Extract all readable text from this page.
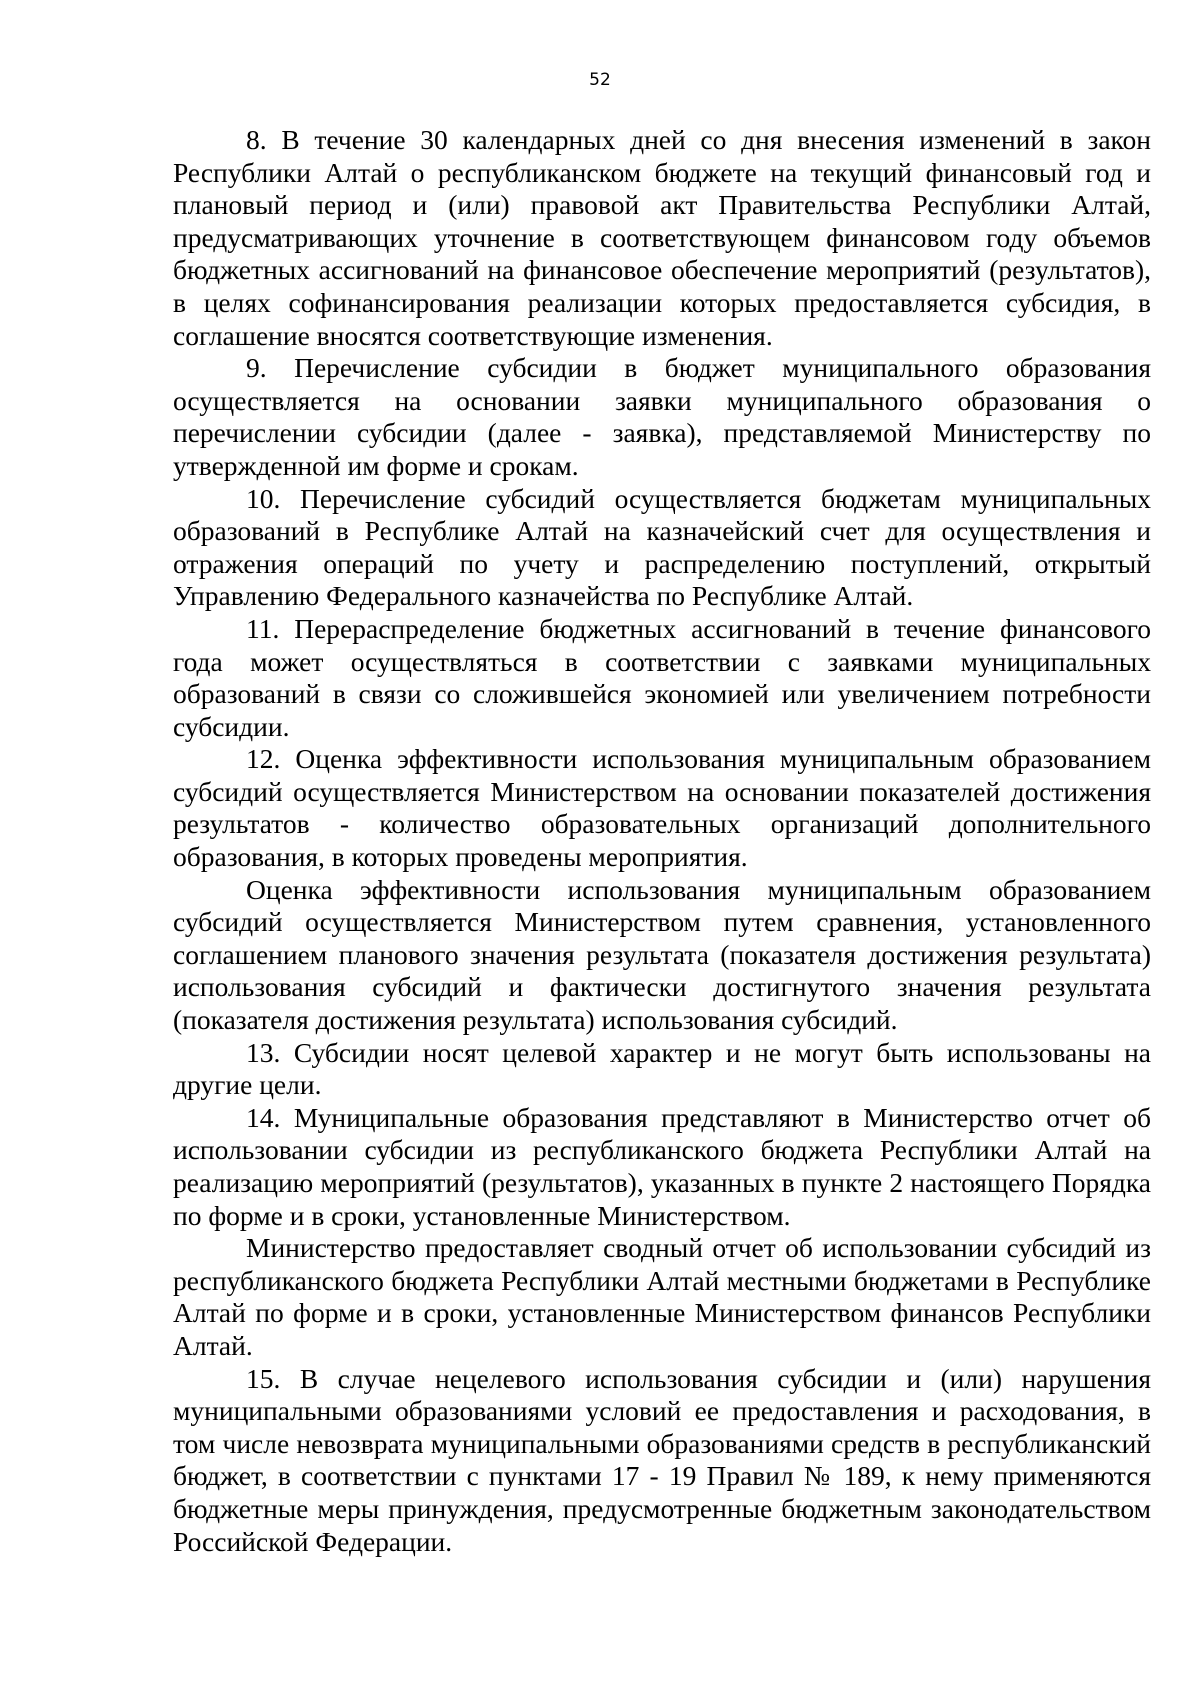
52

8. В течение 30 календарных дней со дня внесения изменений в закон Республики Алтай о республиканском бюджете на текущий финансовый год и плановый период и (или) правовой акт Правительства Республики Алтай, предусматривающих уточнение в соответствующем финансовом году объемов бюджетных ассигнований на финансовое обеспечение мероприятий (результатов), в целях софинансирования реализации которых предоставляется субсидия, в соглашение вносятся соответствующие изменения.

9. Перечисление субсидии в бюджет муниципального образования осуществляется на основании заявки муниципального образования о перечислении субсидии (далее - заявка), представляемой Министерству по утвержденной им форме и срокам.

10. Перечисление субсидий осуществляется бюджетам муниципальных образований в Республике Алтай на казначейский счет для осуществления и отражения операций по учету и распределению поступлений, открытый Управлению Федерального казначейства по Республике Алтай.

11. Перераспределение бюджетных ассигнований в течение финансового года может осуществляться в соответствии с заявками муниципальных образований в связи со сложившейся экономией или увеличением потребности субсидии.

12. Оценка эффективности использования муниципальным образованием субсидий осуществляется Министерством на основании показателей достижения результатов - количество образовательных организаций дополнительного образования, в которых проведены мероприятия.

Оценка эффективности использования муниципальным образованием субсидий осуществляется Министерством путем сравнения, установленного соглашением планового значения результата (показателя достижения результата) использования субсидий и фактически достигнутого значения результата (показателя достижения результата) использования субсидий.

13. Субсидии носят целевой характер и не могут быть использованы на другие цели.

14. Муниципальные образования представляют в Министерство отчет об использовании субсидии из республиканского бюджета Республики Алтай на реализацию мероприятий (результатов), указанных в пункте 2 настоящего Порядка по форме и в сроки, установленные Министерством.

Министерство предоставляет сводный отчет об использовании субсидий из республиканского бюджета Республики Алтай местными бюджетами в Республике Алтай по форме и в сроки, установленные Министерством финансов Республики Алтай.

15. В случае нецелевого использования субсидии и (или) нарушения муниципальными образованиями условий ее предоставления и расходования, в том числе невозврата муниципальными образованиями средств в республиканский бюджет, в соответствии с пунктами 17 - 19 Правил № 189, к нему применяются бюджетные меры принуждения, предусмотренные бюджетным законодательством Российской Федерации.
